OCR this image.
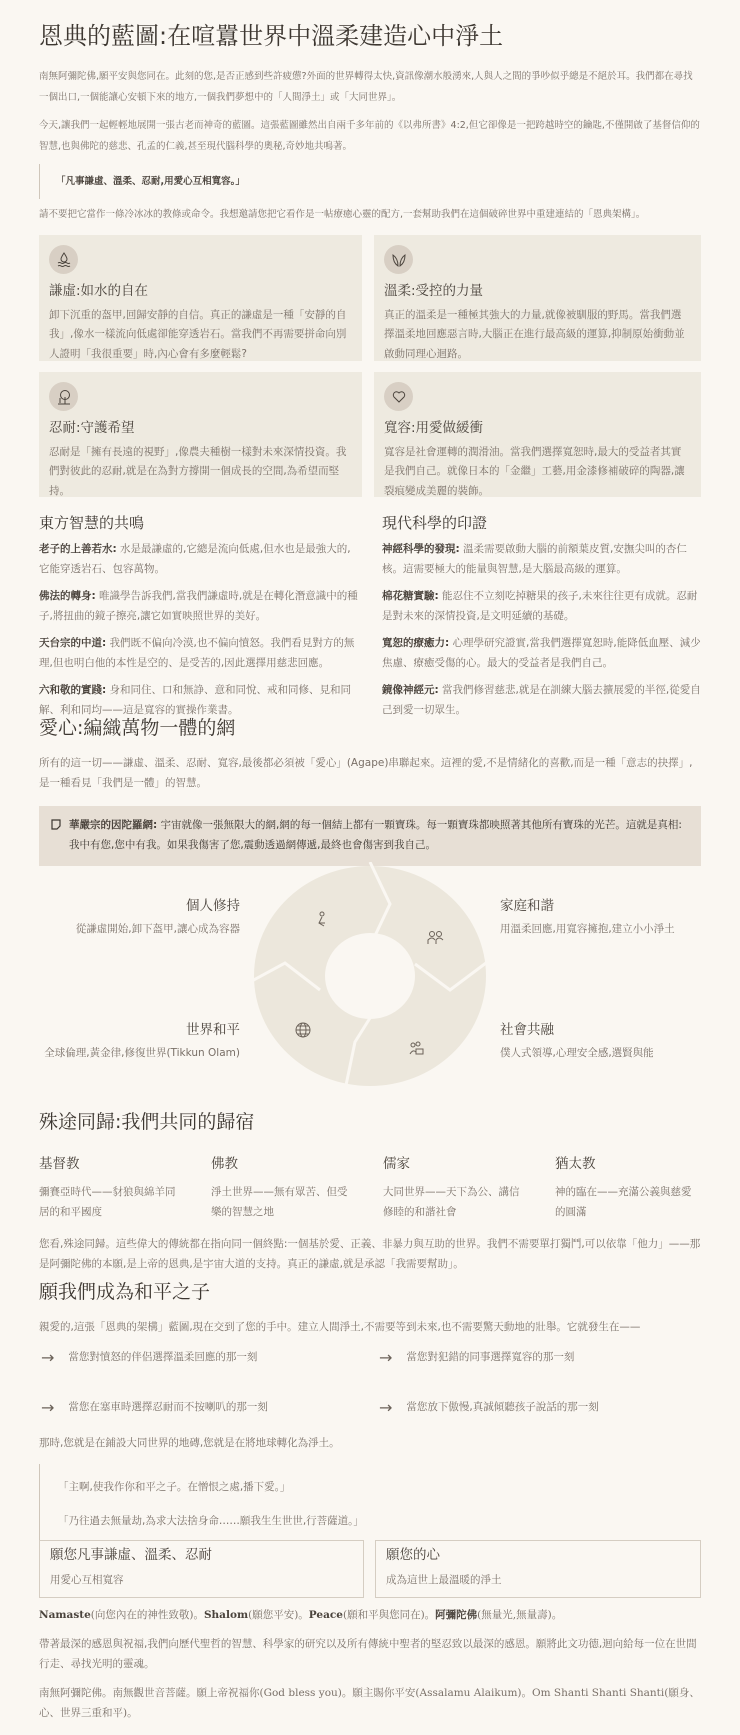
恩典的藍圖:在喧囂世界中溫柔建造心中淨土

南無阿彌陀佛,願平安與您同在。此刻的您,是否正感到些許疲憊?外面的世界轉得太快,資訊像潮水般湧來,人與人之間的爭吵似乎總是不絕於耳。我們都在尋找一個出口,一個能讓心安頓下來的地方,一個我們夢想中的「人間淨土」或「大同世界」。

今天,讓我們一起輕輕地展開一張古老而神奇的藍圖。這張藍圖雖然出自兩千多年前的《以弗所書》4:2,但它卻像是一把跨越時空的鑰匙,不僅開啟了基督信仰的智慧,也與佛陀的慈悲、孔孟的仁義,甚至現代腦科學的奧秘,奇妙地共鳴著。

「凡事謙虛、溫柔、忍耐,用愛心互相寬容。」

請不要把它當作一條冷冰冰的教條或命令。我想邀請您把它看作是一帖療癒心靈的配方,一套幫助我們在這個破碎世界中重建連結的「恩典架構」。

謙虛:如水的自在

卸下沉重的盔甲,回歸安靜的自信。真正的謙虛是一種「安靜的自我」,像水一樣流向低處卻能穿透岩石。當我們不再需要拼命向別人證明「我很重要」時,內心會有多麼輕鬆?

溫柔:受控的力量

真正的溫柔是一種極其強大的力量,就像被馴服的野馬。當我們選擇溫柔地回應惡言時,大腦正在進行最高級的運算,抑制原始衝動並啟動同理心迴路。

忍耐:守護希望

忍耐是「擁有長遠的視野」,像農夫種樹一樣對未來深情投資。我們對彼此的忍耐,就是在為對方撐開一個成長的空間,為希望而堅持。

寬容:用愛做緩衝

寬容是社會運轉的潤滑油。當我們選擇寬恕時,最大的受益者其實是我們自己。就像日本的「金繼」工藝,用金漆修補破碎的陶器,讓裂痕變成美麗的裝飾。

東方智慧的共鳴

老子的上善若水: 水是最謙虛的,它總是流向低處,但水也是最強大的,它能穿透岩石、包容萬物。

佛法的轉身: 唯識學告訴我們,當我們謙虛時,就是在轉化潛意識中的種子,將扭曲的鏡子擦亮,讓它如實映照世界的美好。

天台宗的中道: 我們既不偏向冷漠,也不偏向憤怒。我們看見對方的無理,但也明白他的本性是空的、是受苦的,因此選擇用慈悲回應。

六和敬的實踐: 身和同住、口和無諍、意和同悅、戒和同修、見和同解、利和同均——這是寬容的實操作業書。

現代科學的印證

神經科學的發現: 溫柔需要啟動大腦的前額葉皮質,安撫尖叫的杏仁核。這需要極大的能量與智慧,是大腦最高級的運算。

棉花糖實驗: 能忍住不立刻吃掉糖果的孩子,未來往往更有成就。忍耐是對未來的深情投資,是文明延續的基礎。

寬恕的療癒力: 心理學研究證實,當我們選擇寬恕時,能降低血壓、減少焦慮、療癒受傷的心。最大的受益者是我們自己。

鏡像神經元: 當我們修習慈悲,就是在訓練大腦去擴展愛的半徑,從愛自己到愛一切眾生。

愛心:編織萬物一體的網

所有的這一切——謙虛、溫柔、忍耐、寬容,最後都必須被「愛心」(Agape)串聯起來。這裡的愛,不是情緒化的喜歡,而是一種「意志的抉擇」,是一種看見「我們是一體」的智慧。

華嚴宗的因陀羅網: 宇宙就像一張無限大的網,網的每一個結上都有一顆寶珠。每一顆寶珠都映照著其他所有寶珠的光芒。這就是真相:我中有您,您中有我。如果我傷害了您,震動透過網傳遞,最終也會傷害到我自己。
個人修持

從謙虛開始,卸下盔甲,讓心成為容器

家庭和諧

用溫柔回應,用寬容擁抱,建立小小淨土

社會共融

僕人式領導,心理安全感,選賢與能

世界和平

全球倫理,黃金律,修復世界(Tikkun Olam)

殊途同歸:我們共同的歸宿
基督教

彌賽亞時代——豺狼與綿羊同居的和平國度

佛教

淨土世界——無有眾苦、但受樂的智慧之地

儒家

大同世界——天下為公、講信修睦的和諧社會

猶太教

神的臨在——充滿公義與慈愛的圓滿

您看,殊途同歸。這些偉大的傳統都在指向同一個終點:一個基於愛、正義、非暴力與互助的世界。我們不需要單打獨鬥,可以依靠「他力」——那是阿彌陀佛的本願,是上帝的恩典,是宇宙大道的支持。真正的謙虛,就是承認「我需要幫助」。

願我們成為和平之子

親愛的,這張「恩典的架構」藍圖,現在交到了您的手中。建立人間淨土,不需要等到未來,也不需要驚天動地的壯舉。它就發生在——

→ 當您對憤怒的伴侶選擇溫柔回應的那一刻	→ 當您對犯錯的同事選擇寬容的那一刻

→ 當您在塞車時選擇忍耐而不按喇叭的那一刻	→ 當您放下傲慢,真誠傾聽孩子說話的那一刻

那時,您就是在鋪設大同世界的地磚,您就是在將地球轉化為淨土。

「主啊,使我作你和平之子。在憎恨之處,播下愛。」

「乃往過去無量劫,為求大法捨身命……願我生生世世,行菩薩道。」

願您凡事謙虛、溫柔、忍耐

用愛心互相寬容

願您的心

成為這世上最溫暖的淨土

Namaste(向您內在的神性致敬)。Shalom(願您平安)。Peace(願和平與您同在)。阿彌陀佛(無量光,無量壽)。

帶著最深的感恩與祝福,我們向歷代聖哲的智慧、科學家的研究以及所有傳統中聖者的堅忍致以最深的感恩。願將此文功德,迴向給每一位在世間行走、尋找光明的靈魂。

南無阿彌陀佛。南無觀世音菩薩。願上帝祝福你(God bless you)。願主賜你平安(Assalamu Alaikum)。Om Shanti Shanti Shanti(願身、心、世界三重和平)。
